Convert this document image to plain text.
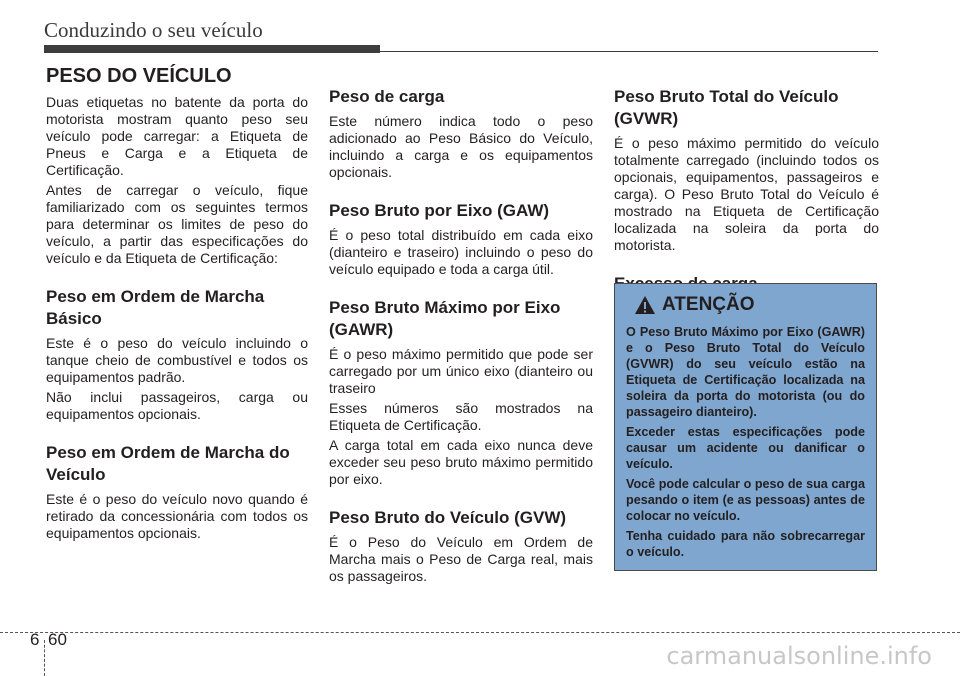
Conduzindo o seu veículo
PESO DO VEÍCULO

Duas etiquetas no batente da porta do motorista mostram quanto peso seu veículo pode carregar: a Etiqueta de Pneus e Carga e a Etiqueta de Certificação.

Antes de carregar o veículo, fique familiarizado com os seguintes termos para determinar os limites de peso do veículo, a partir das especificações do veículo e da Etiqueta de Certificação:

Peso em Ordem de Marcha Básico

Este é o peso do veículo incluindo o tanque cheio de combustível e todos os equipamentos padrão.

Não inclui passageiros, carga ou equipamentos opcionais.

Peso em Ordem de Marcha do Veículo

Este é o peso do veículo novo quando é retirado da concessionária com todos os equipamentos opcionais.

Peso de carga

Este número indica todo o peso adicionado ao Peso Básico do Veículo, incluindo a carga e os equipamentos opcionais.

Peso Bruto por Eixo (GAW)

É o peso total distribuído em cada eixo (dianteiro e traseiro) incluindo o peso do veículo equipado e toda a carga útil.

Peso Bruto Máximo por Eixo (GAWR)

É o peso máximo permitido que pode ser carregado por um único eixo (dianteiro ou traseiro

Esses números são mostrados na Etiqueta de Certificação.

A carga total em cada eixo nunca deve exceder seu peso bruto máximo permitido por eixo.

Peso Bruto do Veículo (GVW)

É o Peso do Veículo em Ordem de Marcha mais o Peso de Carga real, mais os passageiros.

Peso Bruto Total do Veículo (GVWR)

É o peso máximo permitido do veículo totalmente carregado (incluindo todos os opcionais, equipamentos, passageiros e carga). O Peso Bruto Total do Veículo é mostrado na Etiqueta de Certificação localizada na soleira da porta do motorista.

ATENÇÃO

O Peso Bruto Máximo por Eixo (GAWR) e o Peso Bruto Total do Veículo (GVWR) do seu veículo estão na Etiqueta de Certificação localizada na soleira da porta do motorista (ou do passageiro dianteiro).

Exceder estas especificações pode causar um acidente ou danificar o veículo.

Você pode calcular o peso de sua carga pesando o item (e as pessoas) antes de colocar no veículo.

Tenha cuidado para não sobrecarregar o veículo.

6 60
carmanualsonline.info
